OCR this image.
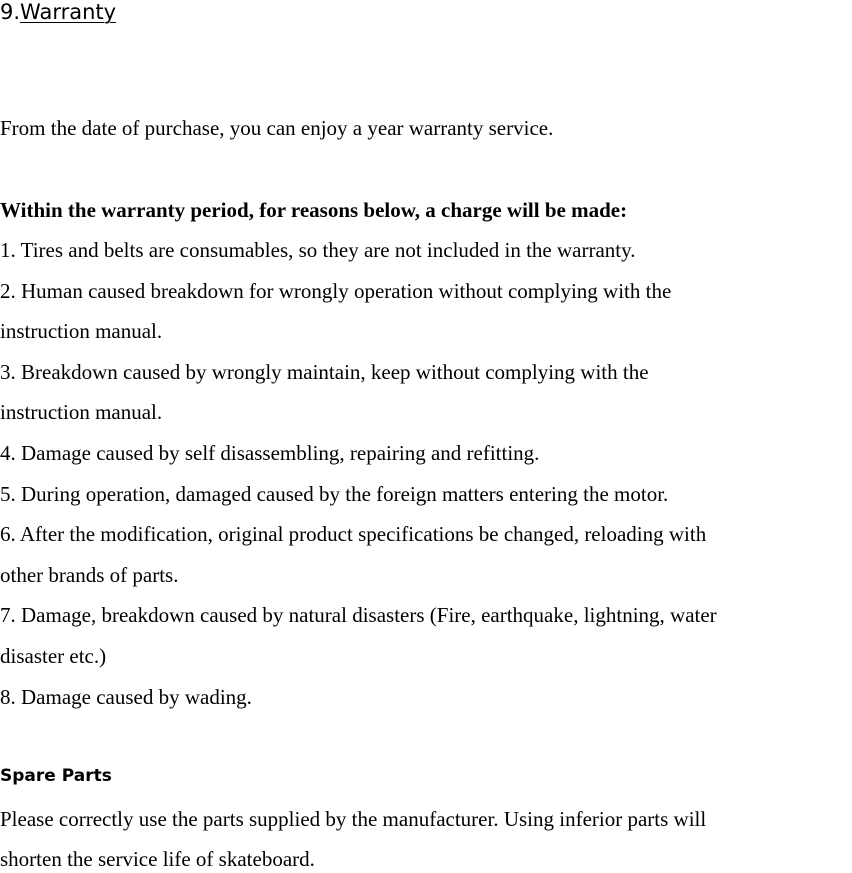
9.Warranty
From the date of purchase, you can enjoy a year warranty service.
Within the warranty period, for reasons below, a charge will be made:
1. Tires and belts are consumables, so they are not included in the warranty.
2. Human caused breakdown for wrongly operation without complying with the
instruction manual.
3. Breakdown caused by wrongly maintain, keep without complying with the
instruction manual.
4. Damage caused by self disassembling, repairing and refitting.
5. During operation, damaged caused by the foreign matters entering the motor.
6. After the modification, original product specifications be changed, reloading with
other brands of parts.
7. Damage, breakdown caused by natural disasters (Fire, earthquake, lightning, water
disaster etc.)
8. Damage caused by wading.
Spare Parts
Please correctly use the parts supplied by the manufacturer. Using inferior parts will
shorten the service life of skateboard.
